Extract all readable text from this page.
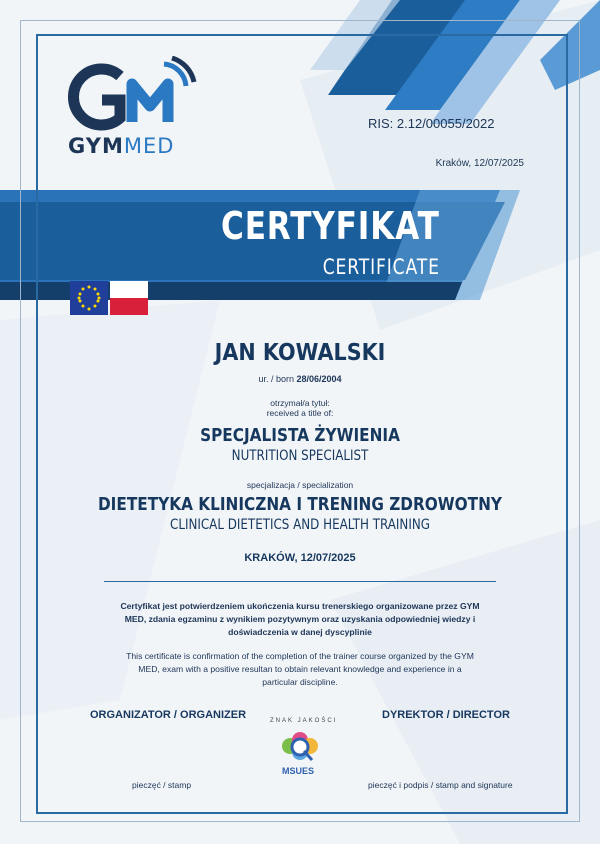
GYMMED
RIS: 2.12/00055/2022
Kraków, 12/07/2025
CERTYFIKAT
CERTIFICATE
JAN KOWALSKI
ur. / born 28/06/2004
otrzymał/a tytuł:
received a title of:
SPECJALISTA ŻYWIENIA
NUTRITION SPECIALIST
specjalizacja / specialization
DIETETYKA KLINICZNA I TRENING ZDROWOTNY
CLINICAL DIETETICS AND HEALTH TRAINING
KRAKÓW, 12/07/2025
Certyfikat jest potwierdzeniem ukończenia kursu trenerskiego organizowane przez GYM MED, zdania egzaminu z wynikiem pozytywnym oraz uzyskania odpowiedniej wiedzy i doświadczenia w danej dyscyplinie
This certificate is confirmation of the completion of the trainer course organized by the GYM MED, exam with a positive resultan to obtain relevant knowledge and experience in a particular discipline.
ORGANIZATOR / ORGANIZER	DYREKTOR / DIRECTOR
ZNAK JAKOŚCI
MSUES
pieczęć / stamp	pieczęć i podpis / stamp and signature
